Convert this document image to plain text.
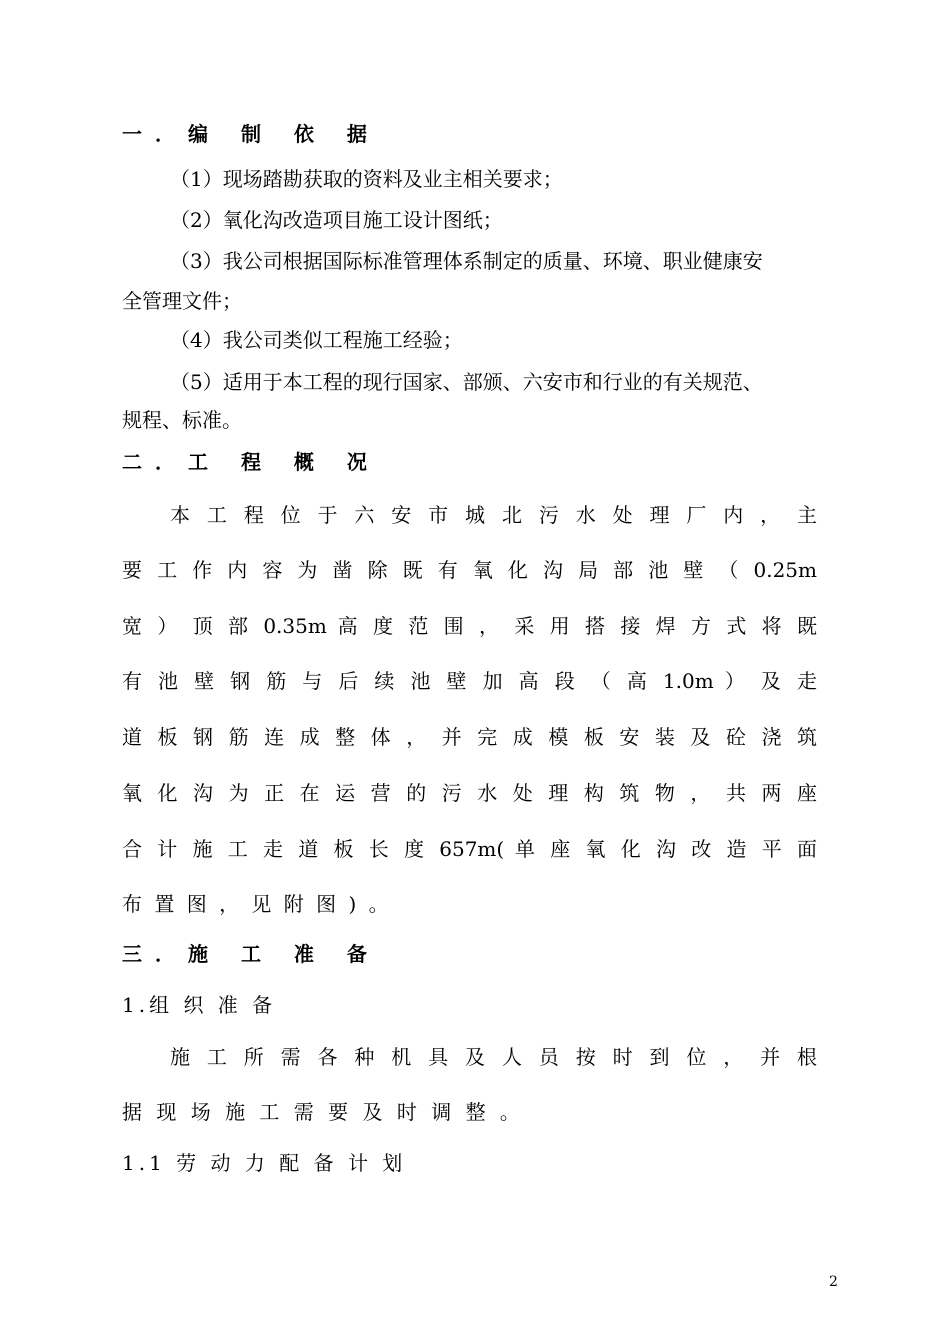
一．编 制 依 据

（1）现场踏勘获取的资料及业主相关要求；

（2）氧化沟改造项目施工设计图纸；

（3）我公司根据国际标准管理体系制定的质量、环境、职业健康安

全管理文件；

（4）我公司类似工程施工经验；

（5）适用于本工程的现行国家、部颁、六安市和行业的有关规范、

规程、标准。

二．工 程 概 况

本 工 程 位 于 六 安 市 城 北 污 水 处 理 厂 内 ， 主

要 工 作 内 容 为 凿 除 既 有 氧 化 沟 局 部 池 壁 （ 0.25m

宽 ） 顶 部 0.35m 高 度 范 围 ， 采 用 搭 接 焊 方 式 将 既

有 池 壁 钢 筋 与 后 续 池 壁 加 高 段 （ 高 1.0m ） 及 走

道 板 钢 筋 连 成 整 体 ， 并 完 成 模 板 安 装 及 砼 浇 筑

氧 化 沟 为 正 在 运 营 的 污 水 处 理 构 筑 物 ， 共 两 座

合 计 施 工 走 道 板 长 度 657m( 单 座 氧 化 沟 改 造 平 面

布 置 图 ， 见 附 图 ) 。

三．施 工 准 备

1.组 织 准 备

施 工 所 需 各 种 机 具 及 人 员 按 时 到 位 ， 并 根

据 现 场 施 工 需 要 及 时 调 整 。

1.1 劳 动 力 配 备 计 划

2
